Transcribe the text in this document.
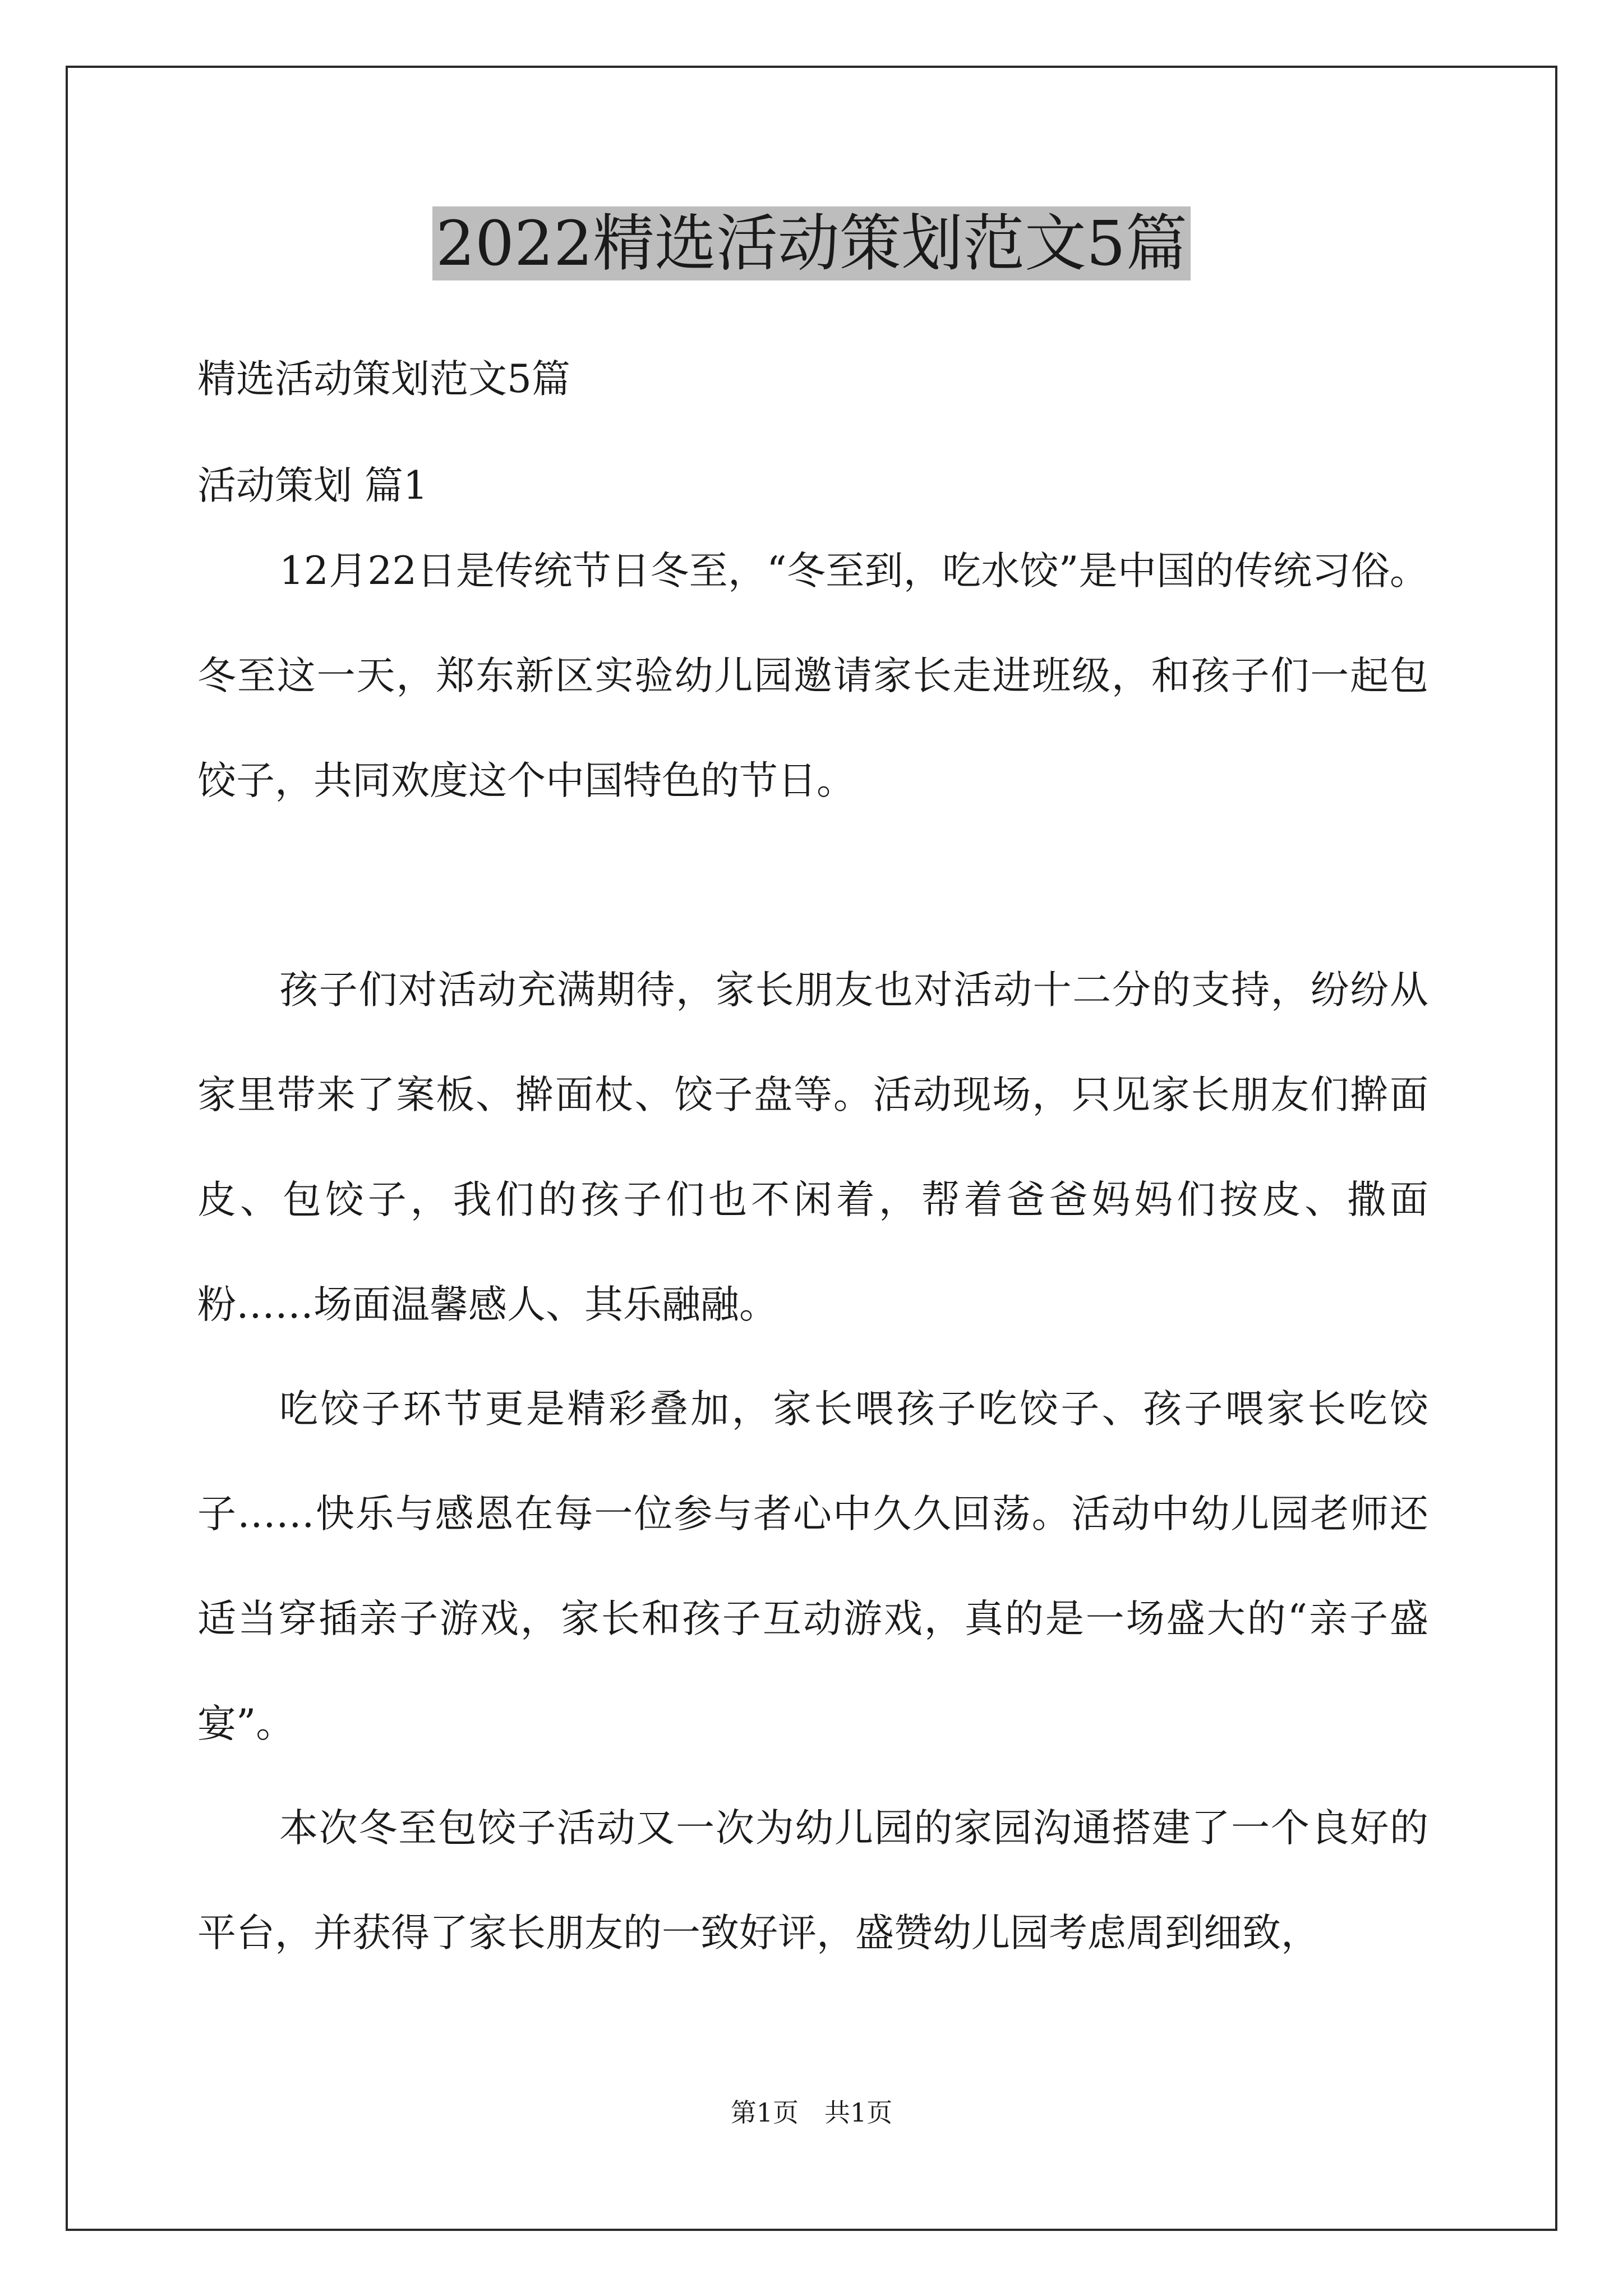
2022精选活动策划范文5篇
精选活动策划范文5篇
活动策划 篇1

12月22日是传统节日冬至，“冬至到，吃水饺”是中国的传统习俗。冬至这一天，郑东新区实验幼儿园邀请家长走进班级，和孩子们一起包饺子，共同欢度这个中国特色的节日。

孩子们对活动充满期待，家长朋友也对活动十二分的支持，纷纷从家里带来了案板、擀面杖、饺子盘等。活动现场，只见家长朋友们擀面皮、包饺子，我们的孩子们也不闲着，帮着爸爸妈妈们按皮、撒面粉……场面温馨感人、其乐融融。

吃饺子环节更是精彩叠加，家长喂孩子吃饺子、孩子喂家长吃饺子……快乐与感恩在每一位参与者心中久久回荡。活动中幼儿园老师还适当穿插亲子游戏，家长和孩子互动游戏，真的是一场盛大的“亲子盛宴”。

本次冬至包饺子活动又一次为幼儿园的家园沟通搭建了一个良好的平台，并获得了家长朋友的一致好评，盛赞幼儿园考虑周到细致，

第1页　共1页
